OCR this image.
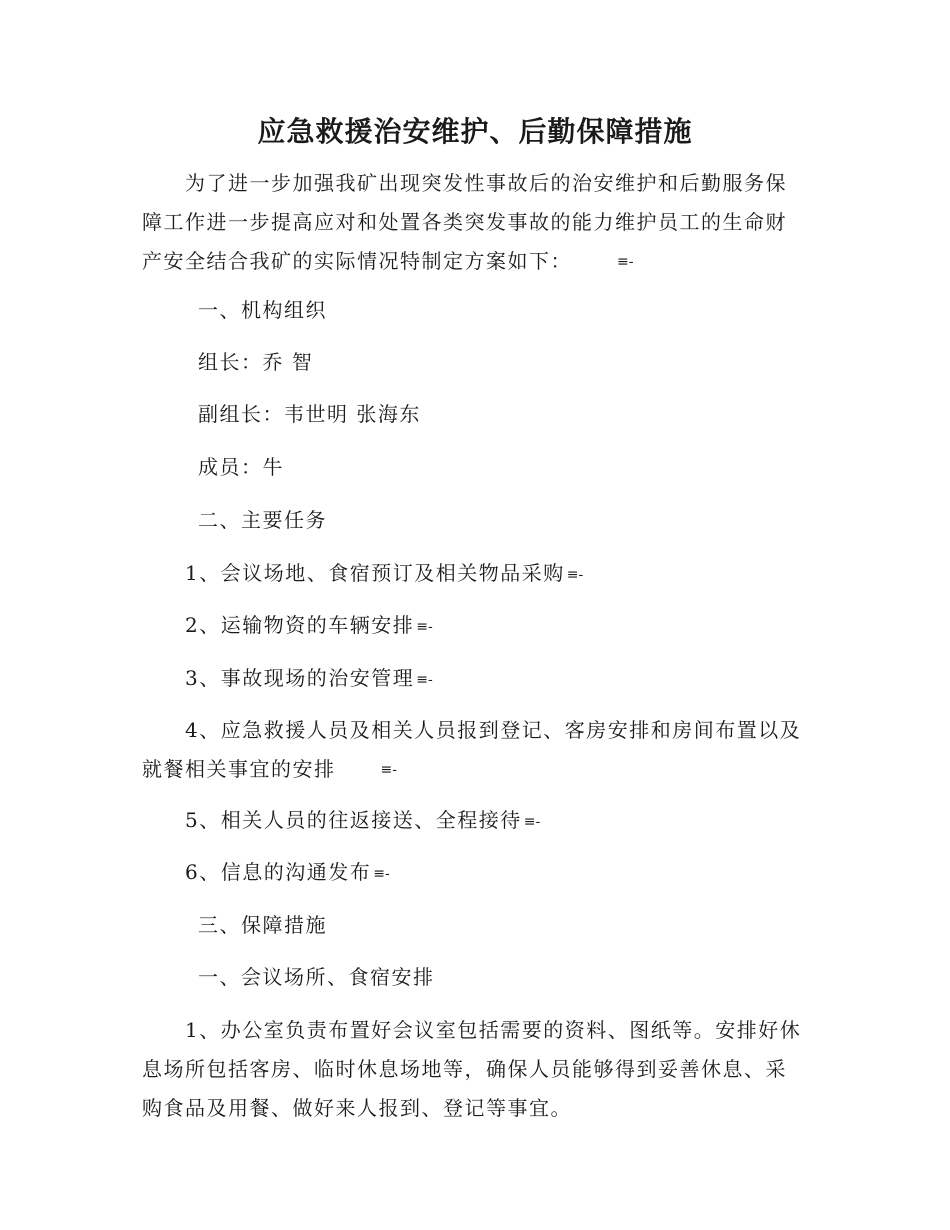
应急救援治安维护、后勤保障措施

为了进一步加强我矿出现突发性事故后的治安维护和后勤服务保障工作进一步提高应对和处置各类突发事故的能力维护员工的生命财产安全结合我矿的实际情况特制定方案如下：	≡-

一、机构组织

组长：乔 智

副组长：韦世明 张海东

成员：牛

二、主要任务

1、会议场地、食宿预订及相关物品采购 ≡-

2、运输物资的车辆安排 ≡-

3、事故现场的治安管理 ≡-

4、应急救援人员及相关人员报到登记、客房安排和房间布置以及就餐相关事宜的安排	≡-

5、相关人员的往返接送、全程接待 ≡-

6、信息的沟通发布 ≡-

三、保障措施

一、会议场所、食宿安排

1、办公室负责布置好会议室包括需要的资料、图纸等。安排好休息场所包括客房、临时休息场地等，确保人员能够得到妥善休息、采购食品及用餐、做好来人报到、登记等事宜。
